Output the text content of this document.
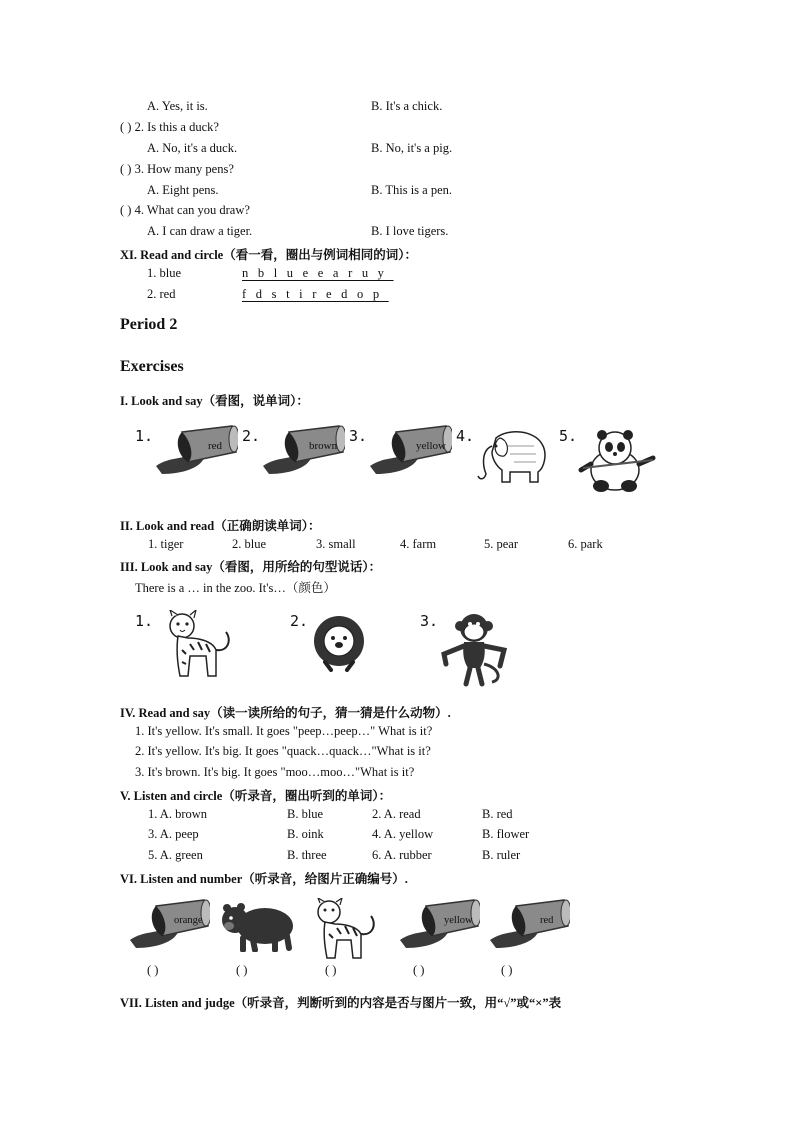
A. Yes, it is.	B. It's a chick.
( ) 2. Is this a duck?
A. No, it's a duck.	B. No, it's a pig.
( ) 3. How many pens?
A. Eight pens.	B. This is a pen.
( ) 4. What can you draw?
A. I can draw a tiger.	B. I love tigers.
XI. Read and circle（看一看，圈出与例词相同的词）：
1. blue	nblueearuy
2. red	fdstiredop
Period 2
Exercises
I. Look and say（看图，说单词）：
1.
red
2.
brown
3.
yellow
4.	5.
II. Look and read（正确朗读单词）：
1. tiger	2. blue	3. small	4. farm	5. pear	6. park
III. Look and say（看图，用所给的句型说话）：
There is a … in the zoo. It's…（颜色）
1.	2.	3.
IV. Read and say（读一读所给的句子，猜一猜是什么动物）.
1. It's yellow. It's small. It goes "peep…peep…" What is it?
2. It's yellow. It's big. It goes "quack…quack…"What is it?
3. It's brown. It's big. It goes "moo…moo…"What is it?
V. Listen and circle（听录音，圈出听到的单词）：
1. A. brown	B. blue	2. A. read	B. red
3. A. peep	B. oink	4. A. yellow	B. flower
5. A. green	B. three	6. A. rubber	B. ruler
VI. Listen and number（听录音，给图片正确编号）.
orange	yellow	red
( )	( )	( )	( )	( )
VII. Listen and judge（听录音，判断听到的内容是否与图片一致，用“√”或“×”表
